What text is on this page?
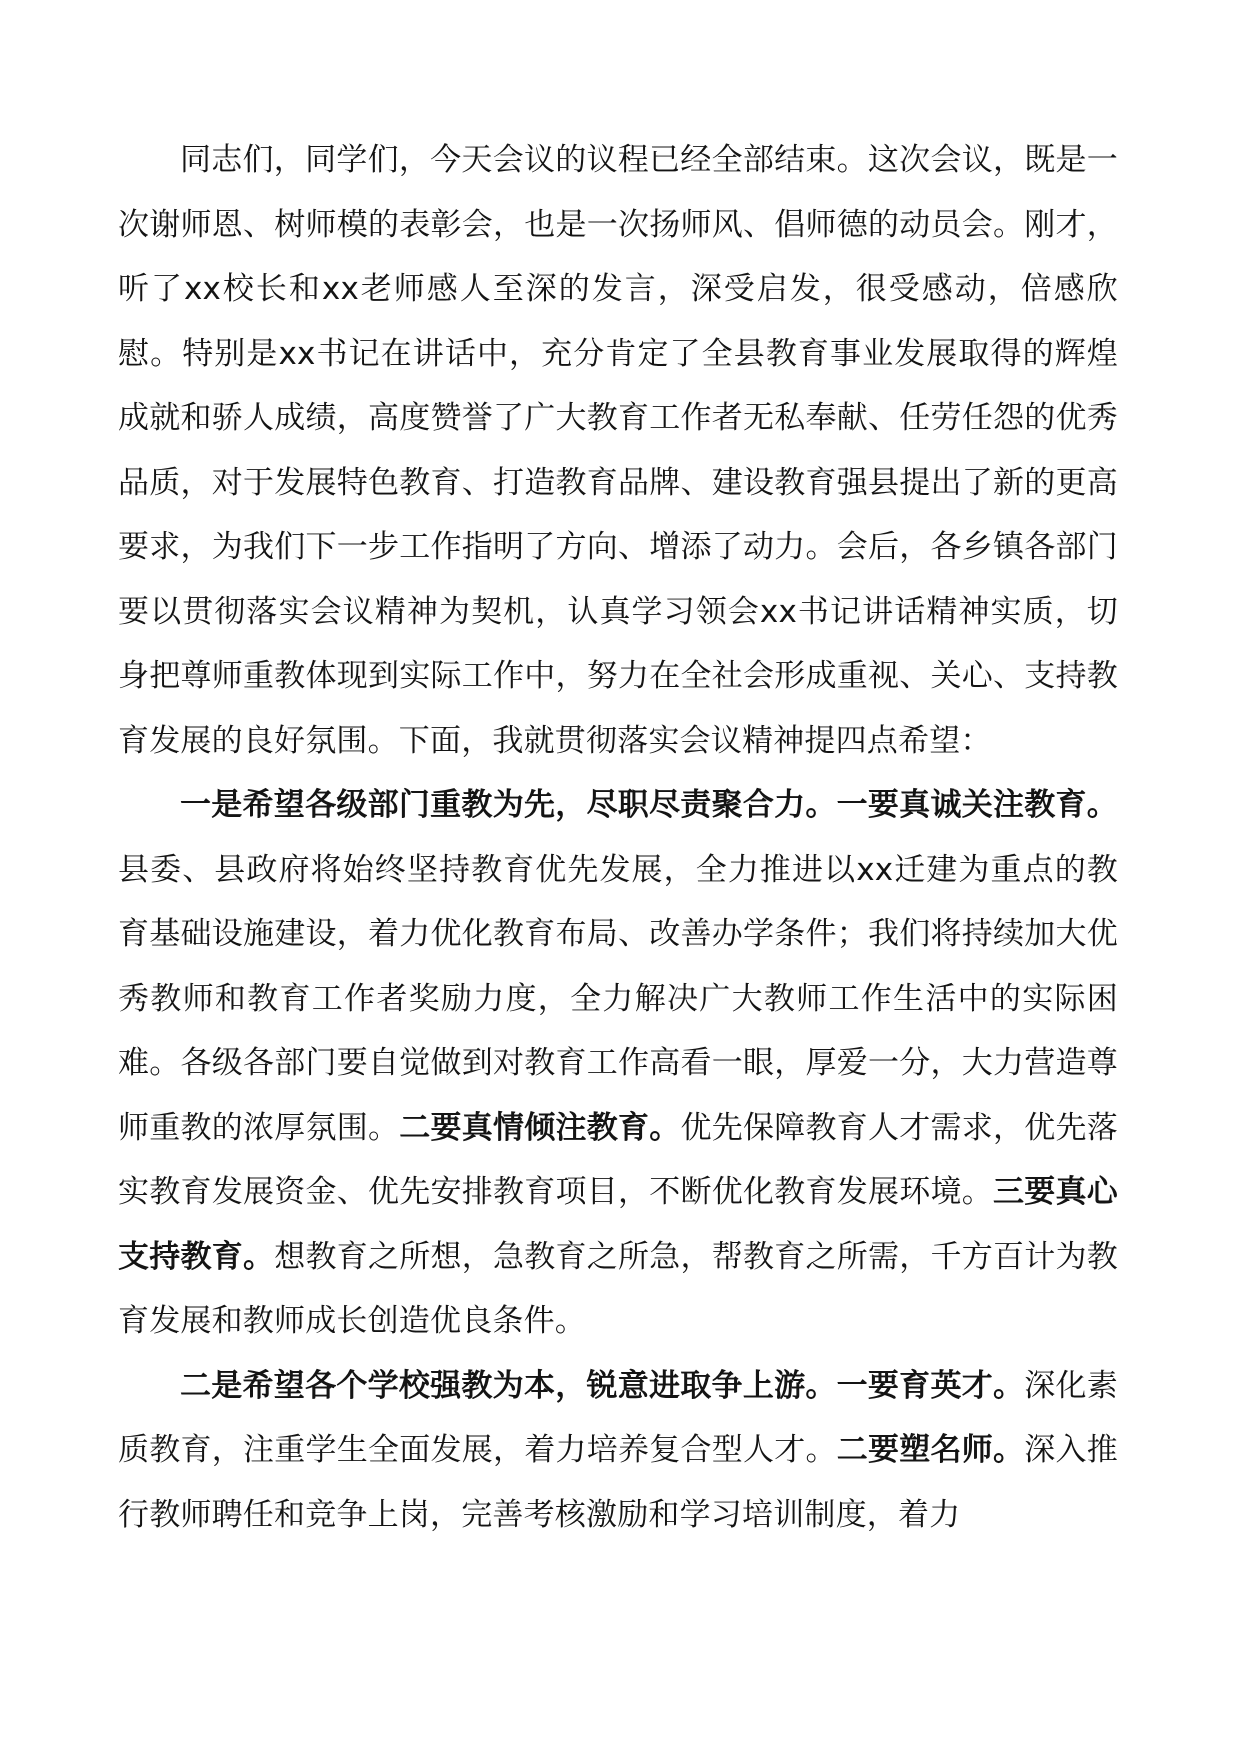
同志们，同学们，今天会议的议程已经全部结束。这次会议，既是一次谢师恩、树师模的表彰会，也是一次扬师风、倡师德的动员会。刚才，听了xx校长和xx老师感人至深的发言，深受启发，很受感动，倍感欣慰。特别是xx书记在讲话中，充分肯定了全县教育事业发展取得的辉煌成就和骄人成绩，高度赞誉了广大教育工作者无私奉献、任劳任怨的优秀品质，对于发展特色教育、打造教育品牌、建设教育强县提出了新的更高要求，为我们下一步工作指明了方向、增添了动力。会后，各乡镇各部门要以贯彻落实会议精神为契机，认真学习领会xx书记讲话精神实质，切身把尊师重教体现到实际工作中，努力在全社会形成重视、关心、支持教育发展的良好氛围。下面，我就贯彻落实会议精神提四点希望：

一是希望各级部门重教为先，尽职尽责聚合力。一要真诚关注教育。县委、县政府将始终坚持教育优先发展，全力推进以xx迁建为重点的教育基础设施建设，着力优化教育布局、改善办学条件；我们将持续加大优秀教师和教育工作者奖励力度，全力解决广大教师工作生活中的实际困难。各级各部门要自觉做到对教育工作高看一眼，厚爱一分，大力营造尊师重教的浓厚氛围。二要真情倾注教育。优先保障教育人才需求，优先落实教育发展资金、优先安排教育项目，不断优化教育发展环境。三要真心支持教育。想教育之所想，急教育之所急，帮教育之所需，千方百计为教育发展和教师成长创造优良条件。

二是希望各个学校强教为本，锐意进取争上游。一要育英才。深化素质教育，注重学生全面发展，着力培养复合型人才。二要塑名师。深入推行教师聘任和竞争上岗，完善考核激励和学习培训制度，着力
